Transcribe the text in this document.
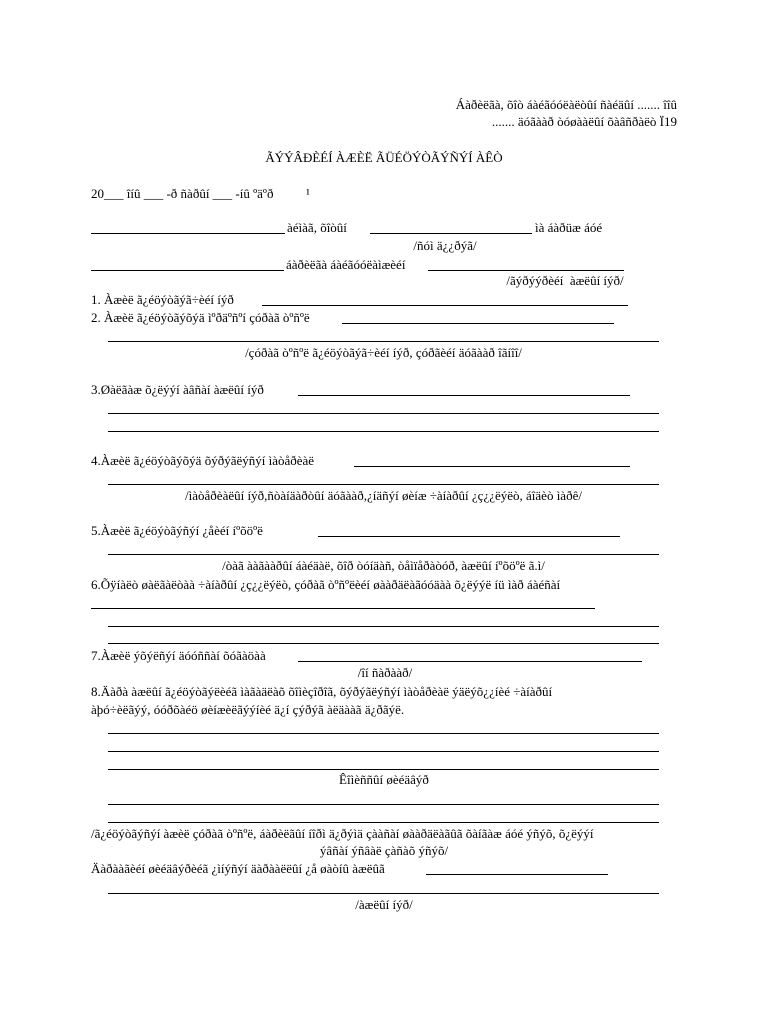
Áàðèëãà, õîò áàéãóóëàëòûí ñàéäûí ....... îîû
....... äóãààð òóøààëûí õàâñðàëò Ï19
ÃÝÝÂÐÈÉÍ ÀÆÈË ÃÜÉÖÝÒÃÝÑÝÍ ÀÊÒ
20___ îíû ___ -ð ñàðûí ___ -íû ºäºð          ¹
àéìàã, õîòûí	ìà áàðüæ áóé
/ñóì ä¿¿ðýã/
áàðèëãà áàéãóóëàìæèéí
/ãýðýýðèéí  àæëûí íýð/
1. Àæèë ã¿éöýòãýã÷èéí íýð
2. Àæèë ã¿éöýòãýõýä ìºðäºñºí çóðàã òºñºë
/çóðàã òºñºë ã¿éöýòãýã÷èéí íýð, çóðãèéí äóãààð îãíîî/
3.Øàëãàæ õ¿ëýýí àâñàí àæëûí íýð
4.Àæèë ã¿éöýòãýõýä õýðýãëýñýí ìàòåðèàë
/ìàòåðèàëûí íýð,ñòàíäàðòûí äóãààð,¿íäñýí øèíæ ÷àíàðûí ¿ç¿¿ëýëò, áîäèò ìàðê/
5.Àæèë ã¿éöýòãýñýí ¿åèéí íºõöºë
/òàã ààãààðûí áàéäàë, õîð òóíäàñ, òåìïåðàòóð, àæëûí íºõöºë ã.ì/
6.Õÿíàëò øàëãàëòàà ÷àíàðûí ¿ç¿¿ëýëò, çóðàã òºñºëèéí øààðäëàãóóäàà õ¿ëýýë íü ìàð áàéñàí
7.Àæèë ýõýëñýí äóóññàí õóãàöàà
/îí ñàðààð/
8.Äàðà àæëûí ã¿éöýòãýëèéã ìàãàäëàõ õîìèçîðîã, õýðýãëýñýí ìàòåðèàë ýäëýõ¿¿íèé ÷àíàðûí
àþó÷èëãýý, óóðõàéö øèíæèëãýýíèé ä¿í çýðýã àëäààã ä¿ðãýë.
Êîìèññûí øèéäâýð
/ã¿éöýòãýñýí àæèë çóðàã òºñºë, áàðèëãûí íîðì ä¿ðýìä çààñàí øààðäëàãûã õàíãàæ áóé ýñýõ, õ¿ëýýí
ýâñàí ýñâàë çàñàõ ýñýõ/
Äàðààãèéí øèéäâýðèéã ¿ìíýñýí äàðààëëûí ¿å øàòíû àæëûã
/àæëûí íýð/
